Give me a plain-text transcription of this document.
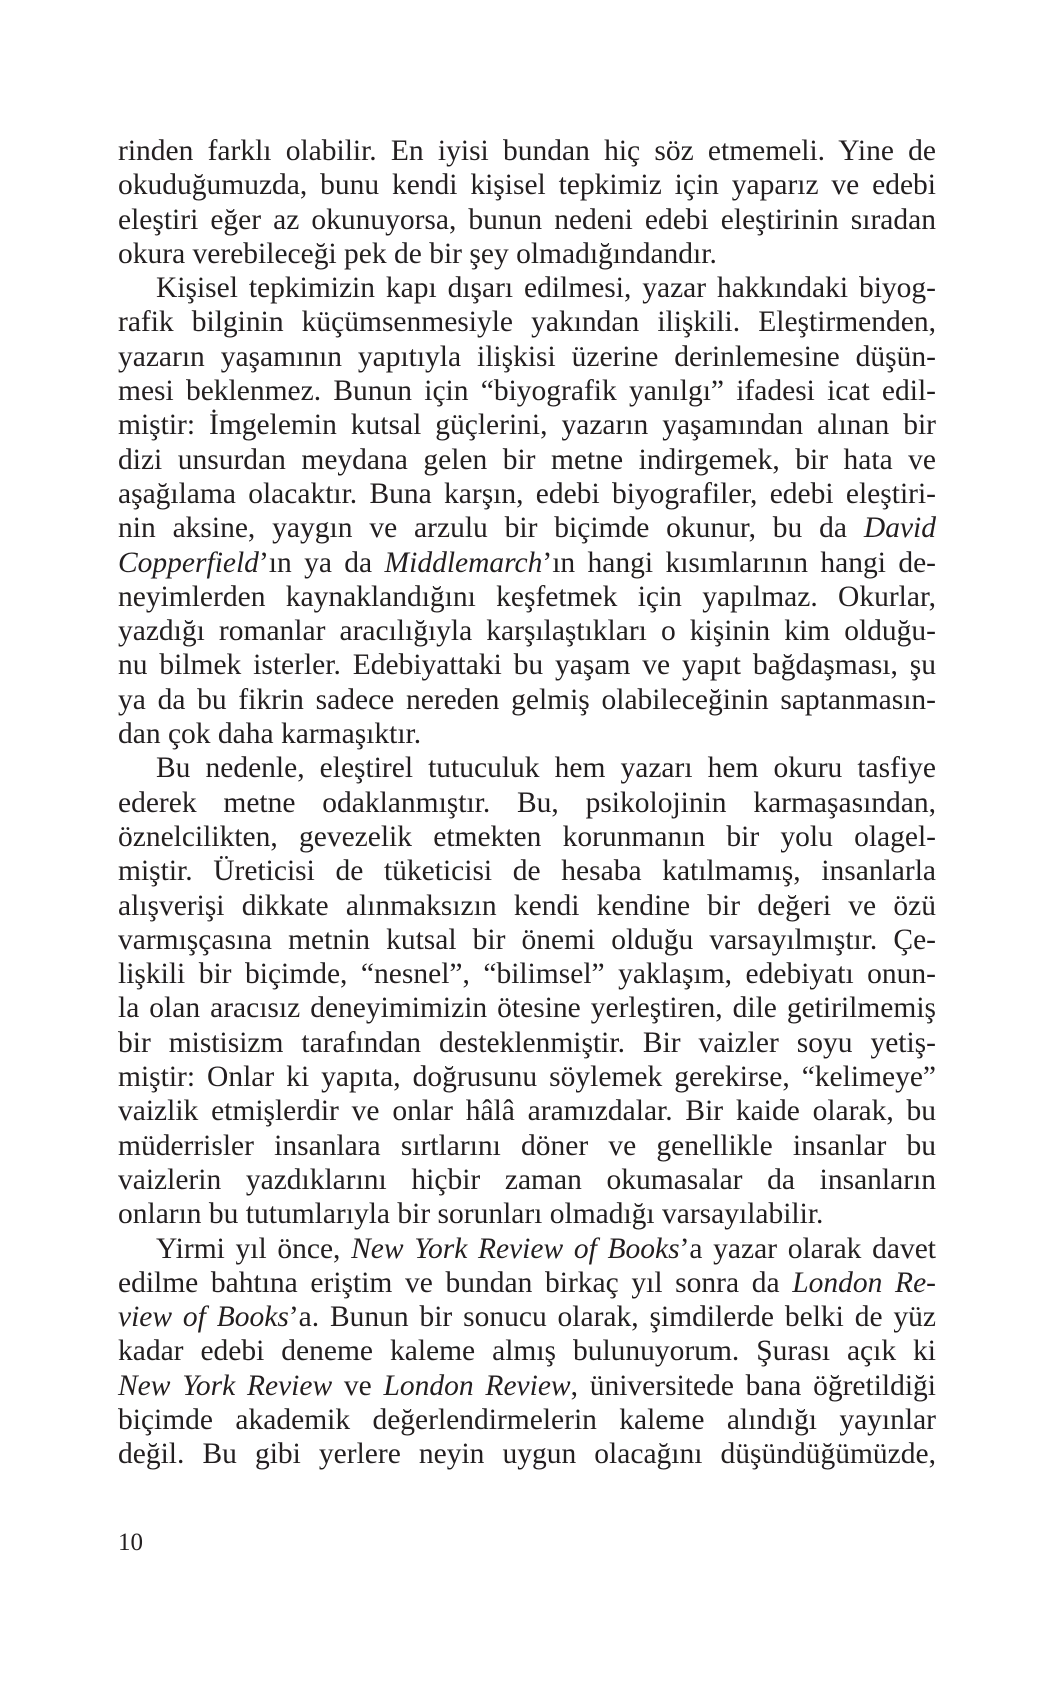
rinden farklı olabilir. En iyisi bundan hiç söz etmemeli. Yine de
okuduğumuzda, bunu kendi kişisel tepkimiz için yaparız ve edebi
eleştiri eğer az okunuyorsa, bunun nedeni edebi eleştirinin sıradan
okura verebileceği pek de bir şey olmadığındandır.
Kişisel tepkimizin kapı dışarı edilmesi, yazar hakkındaki biyog-
rafik bilginin küçümsenmesiyle yakından ilişkili. Eleştirmenden,
yazarın yaşamının yapıtıyla ilişkisi üzerine derinlemesine düşün-
mesi beklenmez. Bunun için “biyografik yanılgı” ifadesi icat edil-
miştir: İmgelemin kutsal güçlerini, yazarın yaşamından alınan bir
dizi unsurdan meydana gelen bir metne indirgemek, bir hata ve
aşağılama olacaktır. Buna karşın, edebi biyografiler, edebi eleştiri-
nin aksine, yaygın ve arzulu bir biçimde okunur, bu da David
Copperfield’ın ya da Middlemarch’ın hangi kısımlarının hangi de-
neyimlerden kaynaklandığını keşfetmek için yapılmaz. Okurlar,
yazdığı romanlar aracılığıyla karşılaştıkları o kişinin kim olduğu-
nu bilmek isterler. Edebiyattaki bu yaşam ve yapıt bağdaşması, şu
ya da bu fikrin sadece nereden gelmiş olabileceğinin saptanmasın-
dan çok daha karmaşıktır.
Bu nedenle, eleştirel tutuculuk hem yazarı hem okuru tasfiye
ederek metne odaklanmıştır. Bu, psikolojinin karmaşasından,
öznelcilikten, gevezelik etmekten korunmanın bir yolu olagel-
miştir. Üreticisi de tüketicisi de hesaba katılmamış, insanlarla
alışverişi dikkate alınmaksızın kendi kendine bir değeri ve özü
varmışçasına metnin kutsal bir önemi olduğu varsayılmıştır. Çe-
lişkili bir biçimde, “nesnel”, “bilimsel” yaklaşım, edebiyatı onun-
la olan aracısız deneyimimizin ötesine yerleştiren, dile getirilmemiş
bir mistisizm tarafından desteklenmiştir. Bir vaizler soyu yetiş-
miştir: Onlar ki yapıta, doğrusunu söylemek gerekirse, “kelimeye”
vaizlik etmişlerdir ve onlar hâlâ aramızdalar. Bir kaide olarak, bu
müderrisler insanlara sırtlarını döner ve genellikle insanlar bu
vaizlerin yazdıklarını hiçbir zaman okumasalar da insanların
onların bu tutumlarıyla bir sorunları olmadığı varsayılabilir.
Yirmi yıl önce, New York Review of Books’a yazar olarak davet
edilme bahtına eriştim ve bundan birkaç yıl sonra da London Re-
view of Books’a. Bunun bir sonucu olarak, şimdilerde belki de yüz
kadar edebi deneme kaleme almış bulunuyorum. Şurası açık ki
New York Review ve London Review, üniversitede bana öğretildiği
biçimde akademik değerlendirmelerin kaleme alındığı yayınlar
değil. Bu gibi yerlere neyin uygun olacağını düşündüğümüzde,
10
